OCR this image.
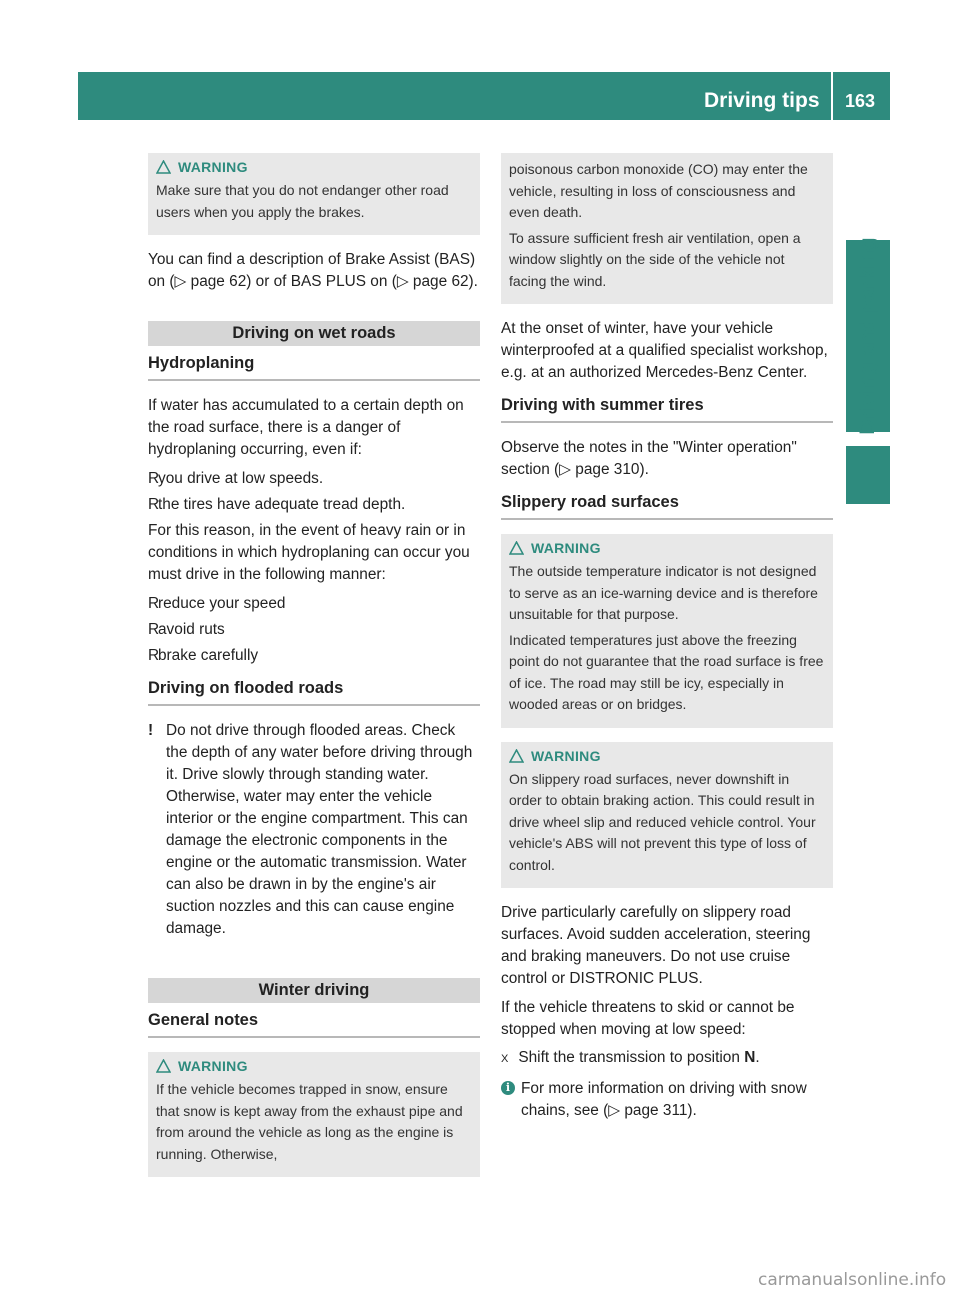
Driving tips 163
Driving and parking
WARNING

Make sure that you do not endanger other road users when you apply the brakes.

You can find a description of Brake Assist (BAS) on (▷ page 62) or of BAS PLUS on (▷ page 62).

Driving on wet roads
Hydroplaning

If water has accumulated to a certain depth on the road surface, there is a danger of hydroplaning occurring, even if:

R
you drive at low speeds.
R
the tires have adequate tread depth.

For this reason, in the event of heavy rain or in conditions in which hydroplaning can occur you must drive in the following manner:

R
reduce your speed
R
avoid ruts
R
brake carefully
Driving on flooded roads
! Do not drive through flooded areas. Check the depth of any water before driving through it. Drive slowly through standing water. Otherwise, water may enter the vehicle interior or the engine compartment. This can damage the electronic components in the engine or the automatic transmission. Water can also be drawn in by the engine's air suction nozzles and this can cause engine damage.
Winter driving
General notes
WARNING

If the vehicle becomes trapped in snow, ensure that snow is kept away from the exhaust pipe and from around the vehicle as long as the engine is running. Otherwise,

poisonous carbon monoxide (CO) may enter the vehicle, resulting in loss of consciousness and even death.

To assure sufficient fresh air ventilation, open a window slightly on the side of the vehicle not facing the wind.

At the onset of winter, have your vehicle winterproofed at a qualified specialist workshop, e.g. at an authorized Mercedes-Benz Center.

Driving with summer tires

Observe the notes in the "Winter operation" section (▷ page 310).

Slippery road surfaces
WARNING

The outside temperature indicator is not designed to serve as an ice-warning device and is therefore unsuitable for that purpose.

Indicated temperatures just above the freezing point do not guarantee that the road surface is free of ice. The road may still be icy, especially in wooded areas or on bridges.

WARNING

On slippery road surfaces, never downshift in order to obtain braking action. This could result in drive wheel slip and reduced vehicle control. Your vehicle's ABS will not prevent this type of loss of control.

Drive particularly carefully on slippery road surfaces. Avoid sudden acceleration, steering and braking maneuvers. Do not use cruise control or DISTRONIC PLUS.

If the vehicle threatens to skid or cannot be stopped when moving at low speed:

X Shift the transmission to position N.
i For more information on driving with snow chains, see (▷ page 311).
carmanualsonline.info
